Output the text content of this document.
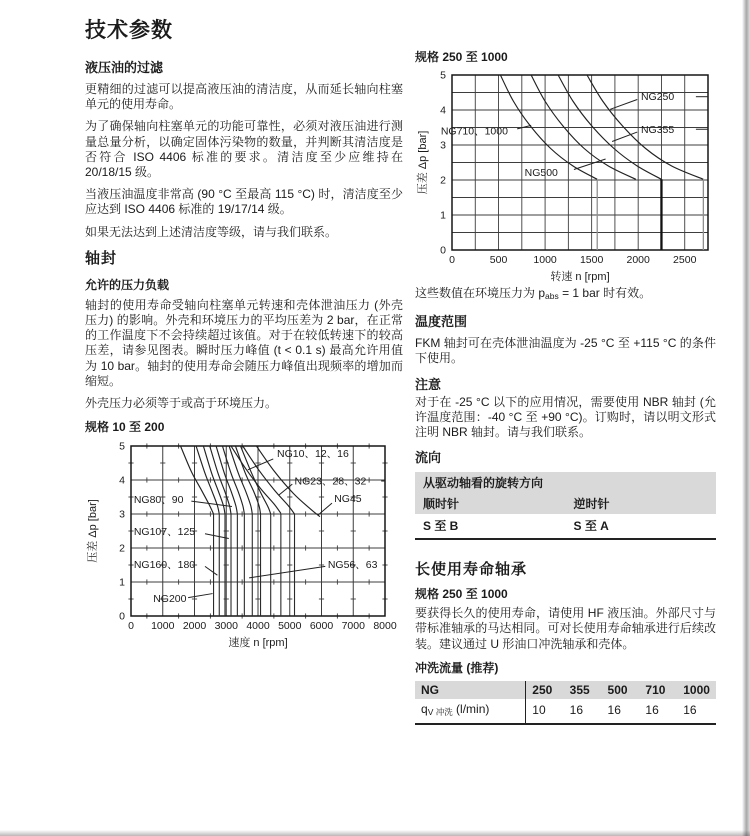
技术参数
液压油的过滤

更精细的过滤可以提高液压油的清洁度，从而延长轴向柱塞单元的使用寿命。

为了确保轴向柱塞单元的功能可靠性，必须对液压油进行测量总量分析，以确定固体污染物的数量，并判断其清洁度是否符合 ISO 4406 标准的要求。清洁度至少应维持在 20/18/15 级。

当液压油温度非常高 (90 °C 至最高 115 °C) 时，清洁度至少应达到 ISO 4406 标准的 19/17/14 级。

如果无法达到上述清洁度等级，请与我们联系。

轴封
允许的压力负载

轴封的使用寿命受轴向柱塞单元转速和壳体泄油压力 (外壳压力) 的影响。外壳和环境压力的平均压差为 2 bar，在正常的工作温度下不会持续超过该值。对于在较低转速下的较高压差，请参见图表。瞬时压力峰值 (t < 0.1 s) 最高允许用值为 10 bar。轴封的使用寿命会随压力峰值出现频率的增加而缩短。

外壳压力必须等于或高于环境压力。

规格 10 至 200
0 1000 2000 3000 4000 5000 6000 7000 8000
0
1
2
3
4
5
速度 n [rpm]
压差 Δp [bar]
NG10、12、16
NG23、28、32
NG45
NG80、90
NG107、125
NG160、180	NG56、63
NG200
规格 250 至 1000
0	500 1000 1500 2000 2500
0
1
2
3
4
5
转速 n [rpm]
压差 Δp [bar]
NG250
NG355
NG710、1000
NG500

这些数值在环境压力为 $p_{abs} = 1$ bar 时有效。

温度范围

FKM 轴封可在壳体泄油温度为 -25 °C 至 +115 °C 的条件下使用。

注意

对于在 -25 °C 以下的应用情况，需要使用 NBR 轴封 (允许温度范围：-40 °C 至 +90 °C)。订购时，请以明文形式注明 NBR 轴封。请与我们联系。

流向
从驱动轴看的旋转方向	
顺时针	逆时针
S 至 B	S 至 A
长使用寿命轴承
规格 250 至 1000

要获得长久的使用寿命，请使用 HF 液压油。外部尺寸与带标准轴承的马达相同。可对长使用寿命轴承进行后续改装。建议通过 U 形油口冲洗轴承和壳体。

冲洗流量 (推荐)
NG	250	355	500	710	1000
$q_{V 冲洗}$ (l/min)	10	16	16	16	16
